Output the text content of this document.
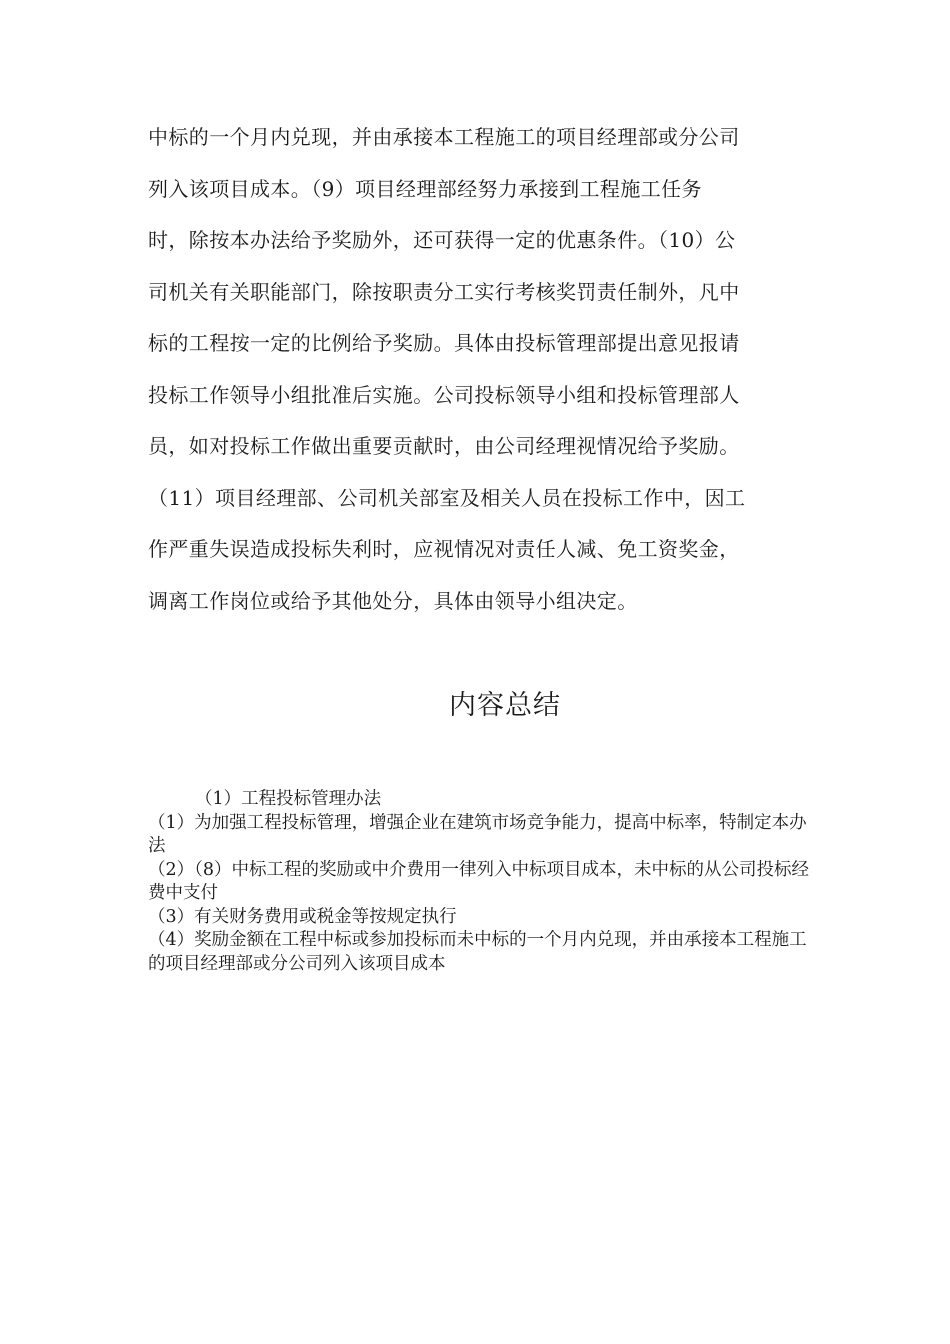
中标的一个月内兑现，并由承接本工程施工的项目经理部或分公司
列入该项目成本。（9）项目经理部经努力承接到工程施工任务
时，除按本办法给予奖励外，还可获得一定的优惠条件。（10）公
司机关有关职能部门，除按职责分工实行考核奖罚责任制外，凡中
标的工程按一定的比例给予奖励。具体由投标管理部提出意见报请
投标工作领导小组批准后实施。公司投标领导小组和投标管理部人
员，如对投标工作做出重要贡献时，由公司经理视情况给予奖励。
（11）项目经理部、公司机关部室及相关人员在投标工作中，因工
作严重失误造成投标失利时，应视情况对责任人减、免工资奖金，
调离工作岗位或给予其他处分，具体由领导小组决定。
内容总结
（1）工程投标管理办法
（1）为加强工程投标管理，增强企业在建筑市场竞争能力，提高中标率，特制定本办法
（2）（8）中标工程的奖励或中介费用一律列入中标项目成本，未中标的从公司投标经费中支付
（3）有关财务费用或税金等按规定执行
（4）奖励金额在工程中标或参加投标而未中标的一个月内兑现，并由承接本工程施工的项目经理部或分公司列入该项目成本
